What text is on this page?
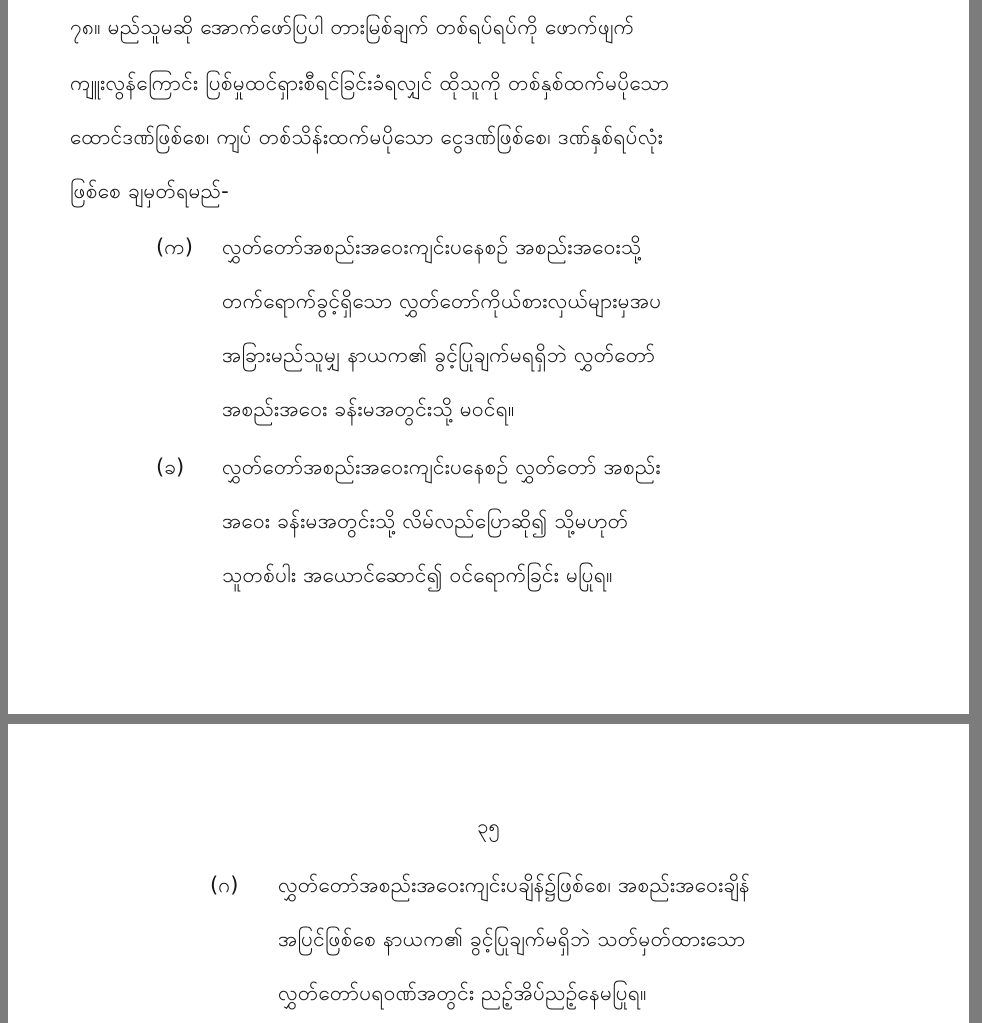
၇၈။ မည်သူမဆို အောက်ဖော်ပြပါ တားမြစ်ချက် တစ်ရပ်ရပ်ကို ဖောက်ဖျက်
ကျူးလွန်ကြောင်း ပြစ်မှုထင်ရှားစီရင်ခြင်းခံရလျှင် ထိုသူကို တစ်နှစ်ထက်မပိုသော
ထောင်ဒဏ်ဖြစ်စေ၊ ကျပ် တစ်သိန်းထက်မပိုသော ငွေဒဏ်ဖြစ်စေ၊ ဒဏ်နှစ်ရပ်လုံး
ဖြစ်စေ ချမှတ်ရမည်-
(က) လွှတ်တော်အစည်းအဝေးကျင်းပနေစဉ် အစည်းအဝေးသို့
တက်ရောက်ခွင့်ရှိသော လွှတ်တော်ကိုယ်စားလှယ်များမှအပ
အခြားမည်သူမျှ နာယက၏ ခွင့်ပြုချက်မရရှိဘဲ လွှတ်တော်
အစည်းအဝေး ခန်းမအတွင်းသို့ မဝင်ရ။
(ခ) လွှတ်တော်အစည်းအဝေးကျင်းပနေစဉ် လွှတ်တော် အစည်း
အဝေး ခန်းမအတွင်းသို့ လိမ်လည်ပြောဆို၍ သို့မဟုတ်
သူတစ်ပါး အယောင်ဆောင်၍ ဝင်ရောက်ခြင်း မပြုရ။
၃၅
(ဂ) လွှတ်တော်အစည်းအဝေးကျင်းပချိန်၌ဖြစ်စေ၊ အစည်းအဝေးချိန်
အပြင်ဖြစ်စေ နာယက၏ ခွင့်ပြုချက်မရှိဘဲ သတ်မှတ်ထားသော
လွှတ်တော်ပရဝဏ်အတွင်း ညဉ့်အိပ်ညဉ့်နေမပြုရ။
